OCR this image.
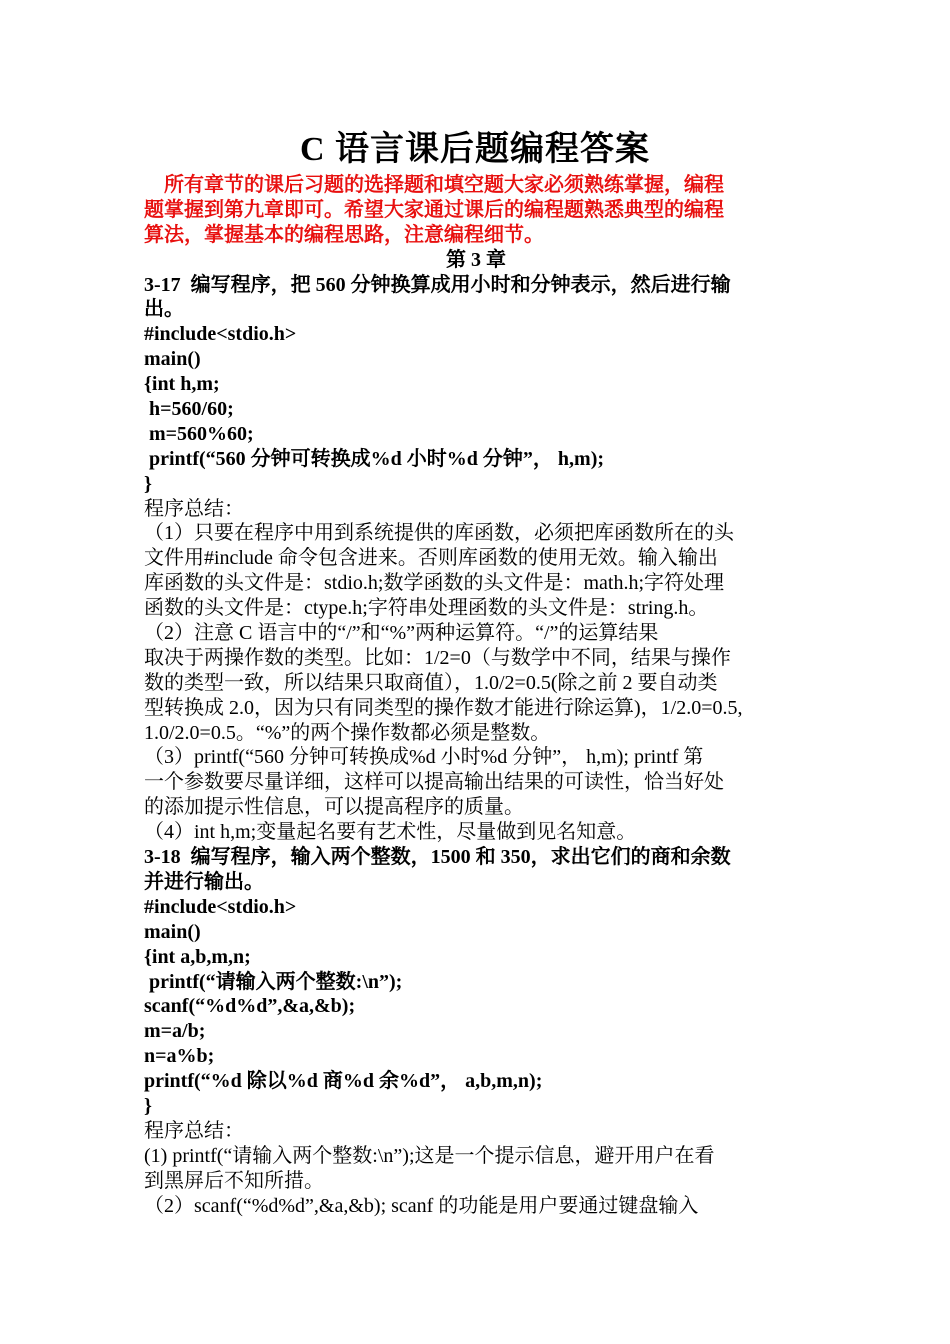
C 语言课后题编程答案
所有章节的课后习题的选择题和填空题大家必须熟练掌握，编程
题掌握到第九章即可。希望大家通过课后的编程题熟悉典型的编程
算法，掌握基本的编程思路，注意编程细节。
第 3 章
3-17  编写程序，把 560 分钟换算成用小时和分钟表示，然后进行输
出。
#include<stdio.h>
main()
{int h,m;
h=560/60;
m=560%60;
printf(“560 分钟可转换成%d 小时%d 分钟”， h,m);
}
程序总结：
（1）只要在程序中用到系统提供的库函数，必须把库函数所在的头
文件用#include 命令包含进来。否则库函数的使用无效。输入输出
库函数的头文件是：stdio.h;数学函数的头文件是：math.h;字符处理
函数的头文件是：ctype.h;字符串处理函数的头文件是：string.h。
（2）注意 C 语言中的“/”和“%”两种运算符。“/”的运算结果
取决于两操作数的类型。比如：1/2=0（与数学中不同，结果与操作
数的类型一致，所以结果只取商值），1.0/2=0.5(除之前 2 要自动类
型转换成 2.0，因为只有同类型的操作数才能进行除运算)，1/2.0=0.5,
1.0/2.0=0.5。“%”的两个操作数都必须是整数。
（3）printf(“560 分钟可转换成%d 小时%d 分钟”， h,m); printf 第
一个参数要尽量详细，这样可以提高输出结果的可读性，恰当好处
的添加提示性信息，可以提高程序的质量。
（4）int h,m;变量起名要有艺术性，尽量做到见名知意。
3-18  编写程序，输入两个整数，1500 和 350，求出它们的商和余数
并进行输出。
#include<stdio.h>
main()
{int a,b,m,n;
printf(“请输入两个整数:\n”);
scanf(“%d%d”,&a,&b);
m=a/b;
n=a%b;
printf(“%d 除以%d 商%d 余%d”， a,b,m,n);
}
程序总结：
(1) printf(“请输入两个整数:\n”);这是一个提示信息，避开用户在看
到黑屏后不知所措。
（2）scanf(“%d%d”,&a,&b); scanf 的功能是用户要通过键盘输入
